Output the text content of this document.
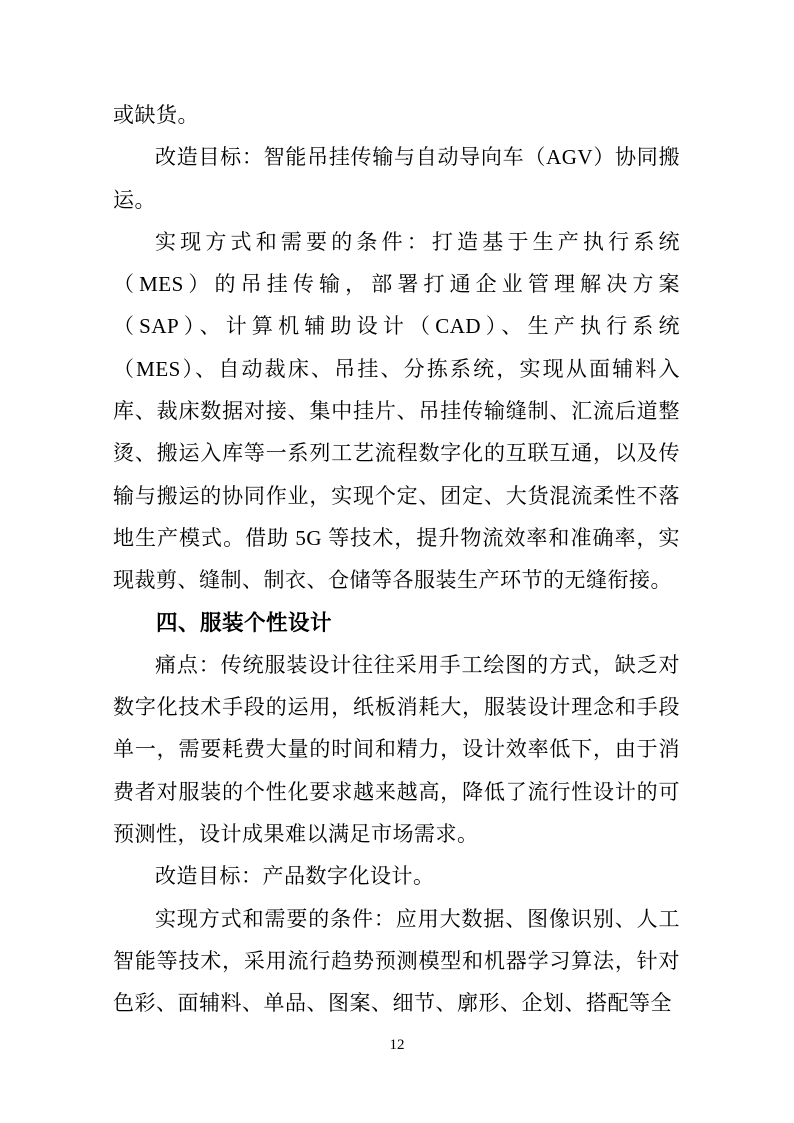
或缺货。

改造目标：智能吊挂传输与自动导向车（AGV）协同搬运。

实现方式和需要的条件：打造基于生产执行系统（MES）的吊挂传输，部署打通企业管理解决方案（SAP）、计算机辅助设计（CAD）、生产执行系统（MES）、自动裁床、吊挂、分拣系统，实现从面辅料入库、裁床数据对接、集中挂片、吊挂传输缝制、汇流后道整烫、搬运入库等一系列工艺流程数字化的互联互通，以及传输与搬运的协同作业，实现个定、团定、大货混流柔性不落地生产模式。借助 5G 等技术，提升物流效率和准确率，实现裁剪、缝制、制衣、仓储等各服装生产环节的无缝衔接。

四、服装个性设计

痛点：传统服装设计往往采用手工绘图的方式，缺乏对数字化技术手段的运用，纸板消耗大，服装设计理念和手段单一，需要耗费大量的时间和精力，设计效率低下，由于消费者对服装的个性化要求越来越高，降低了流行性设计的可预测性，设计成果难以满足市场需求。

改造目标：产品数字化设计。

实现方式和需要的条件：应用大数据、图像识别、人工智能等技术，采用流行趋势预测模型和机器学习算法，针对色彩、面辅料、单品、图案、细节、廓形、企划、搭配等全

12
